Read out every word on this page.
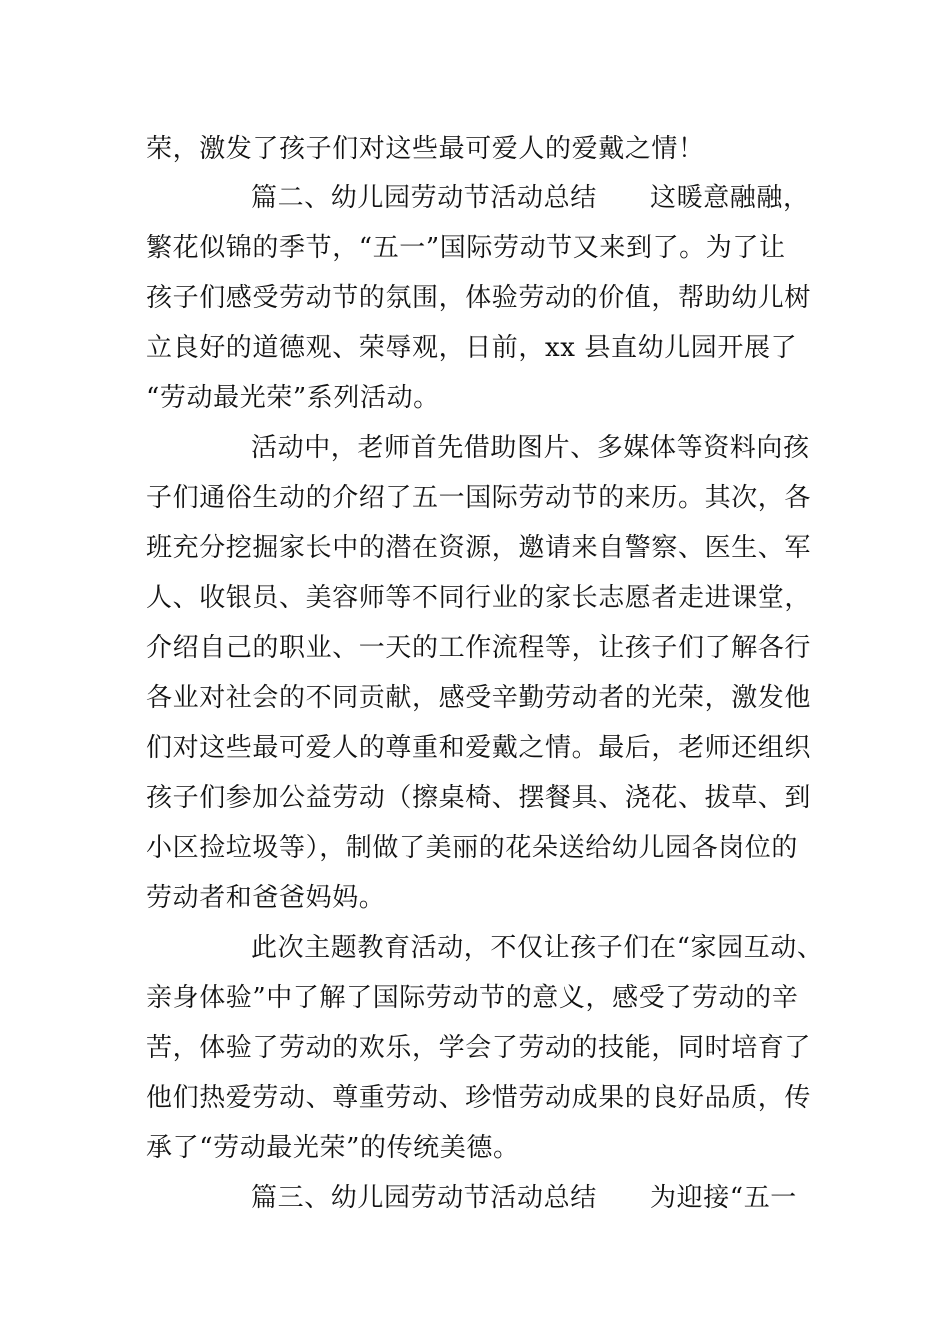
荣，激发了孩子们对这些最可爱人的爱戴之情！
篇二、幼儿园劳动节活动总结　　这暖意融融，
繁花似锦的季节，“五一”国际劳动节又来到了。为了让
孩子们感受劳动节的氛围，体验劳动的价值，帮助幼儿树
立良好的道德观、荣辱观，日前，xx 县直幼儿园开展了
“劳动最光荣”系列活动。
活动中，老师首先借助图片、多媒体等资料向孩
子们通俗生动的介绍了五一国际劳动节的来历。其次，各
班充分挖掘家长中的潜在资源，邀请来自警察、医生、军
人、收银员、美容师等不同行业的家长志愿者走进课堂，
介绍自己的职业、一天的工作流程等，让孩子们了解各行
各业对社会的不同贡献，感受辛勤劳动者的光荣，激发他
们对这些最可爱人的尊重和爱戴之情。最后，老师还组织
孩子们参加公益劳动（擦桌椅、摆餐具、浇花、拔草、到
小区捡垃圾等），制做了美丽的花朵送给幼儿园各岗位的
劳动者和爸爸妈妈。
此次主题教育活动，不仅让孩子们在“家园互动、
亲身体验”中了解了国际劳动节的意义，感受了劳动的辛
苦，体验了劳动的欢乐，学会了劳动的技能，同时培育了
他们热爱劳动、尊重劳动、珍惜劳动成果的良好品质，传
承了“劳动最光荣”的传统美德。
篇三、幼儿园劳动节活动总结　　为迎接“五一
